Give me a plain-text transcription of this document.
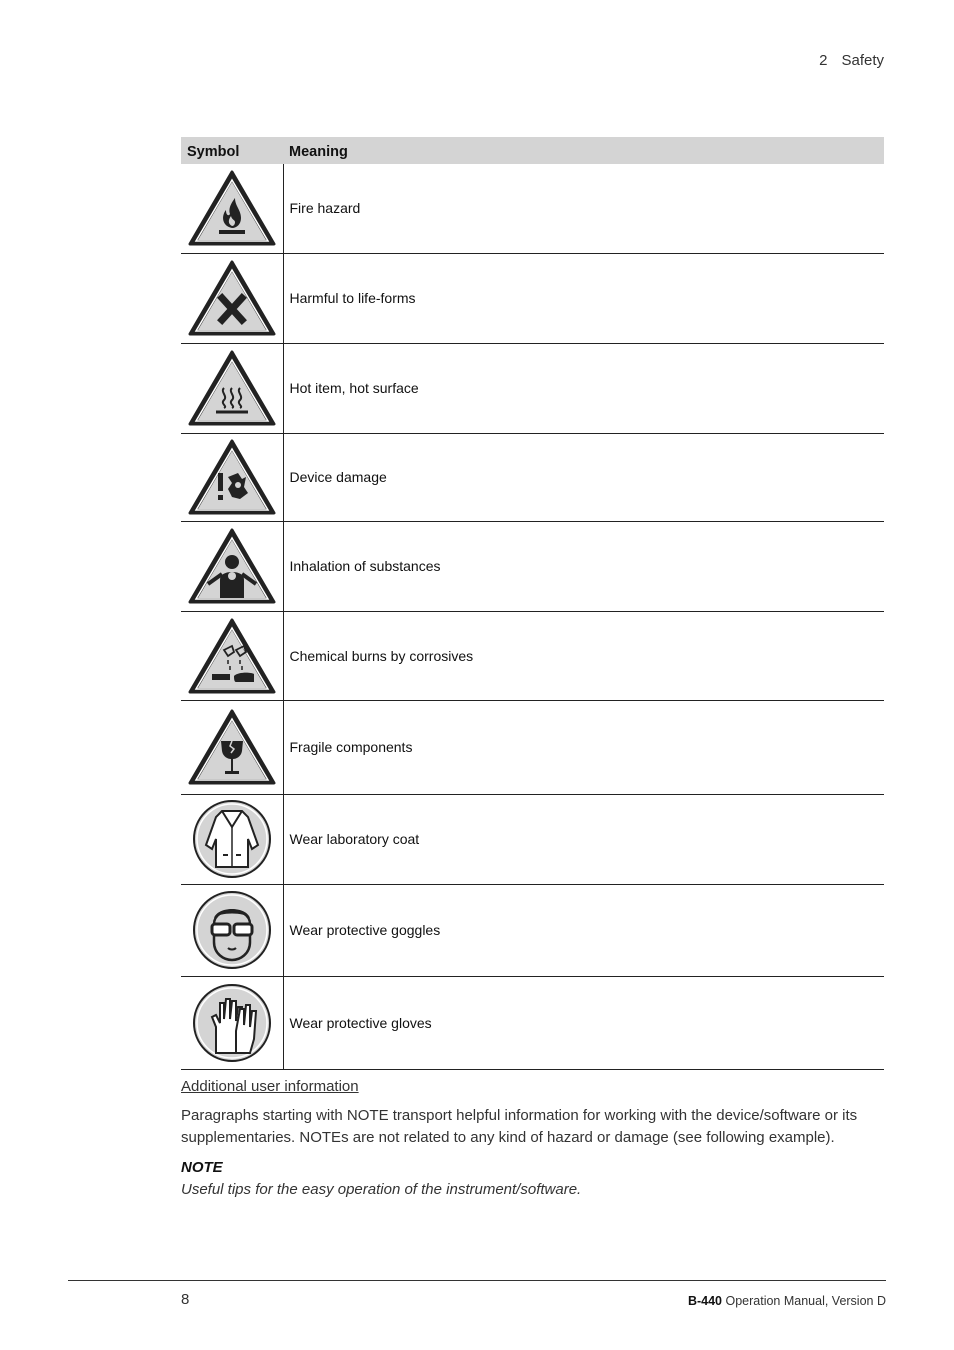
2 Safety
Symbol	Meaning

	Fire hazard

	Harmful to life-forms

	Hot item, hot surface

	Device damage

	Inhalation of substances

	Chemical burns by corrosives

	Fragile components

	Wear laboratory coat

	Wear protective goggles

	Wear protective gloves
Additional user information
Paragraphs starting with NOTE transport helpful information for working with the device/software or its supplementaries. NOTEs are not related to any kind of hazard or damage (see following example).
NOTE
Useful tips for the easy operation of the instrument/software.
8	B-440 Operation Manual, Version D
